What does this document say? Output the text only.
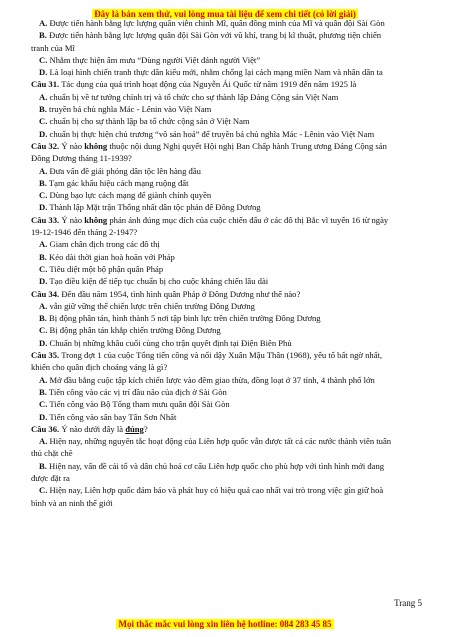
Đây là bản xem thử, vui lòng mua tài liệu để xem chi tiết (có lời giải)
A. Được tiến hành bằng lực lượng quân viễn chinh Mĩ, quân đồng minh của Mĩ và quân đội Sài Gòn
B. Được tiến hành bằng lực lượng quân đội Sài Gòn với vũ khí, trang bị kĩ thuật, phương tiện chiến
tranh của Mĩ
C. Nhằm thực hiện âm mưu “Dùng người Việt đánh người Việt”
D. Là loại hình chiến tranh thực dân kiểu mới, nhằm chống lại cách mạng miền Nam và nhân dân ta
Câu 31. Tác dụng của quá trình hoạt động của Nguyễn Ái Quốc từ năm 1919 đến năm 1925 là
A. chuẩn bị về tư tưởng chính trị và tổ chức cho sự thành lập Đảng Cộng sản Việt Nam
B. truyền bá chủ nghĩa Mác - Lênin vào Việt Nam
C. chuẩn bị cho sự thành lập ba tổ chức cộng sản ở Việt Nam
D. chuẩn bị thực hiện chủ trương “vô sản hoá” để truyền bá chủ nghĩa Mác - Lênin vào Việt Nam
Câu 32. Ý nào không thuộc nội dung Nghị quyết Hội nghị Ban Chấp hành Trung ương Đảng Cộng sản
Đông Dương tháng 11-1939?
A. Đưa vấn đề giải phóng dân tộc lên hàng đầu
B. Tạm gác khẩu hiệu cách mạng ruộng đất
C. Dùng bạo lực cách mạng để giành chính quyền
D. Thành lập Mặt trận Thống nhất dân tộc phản đế Đông Dương
Câu 33. Ý nào không phản ánh đúng mục đích của cuộc chiến đấu ở các đô thị Bắc vĩ tuyến 16 từ ngày
19-12-1946 đến tháng 2-1947?
A. Giam chân địch trong các đô thị
B. Kéo dài thời gian hoà hoãn với Pháp
C. Tiêu diệt một bộ phận quân Pháp
D. Tạo điều kiện để tiếp tục chuẩn bị cho cuộc kháng chiến lâu dài
Câu 34. Đến đầu năm 1954, tình hình quân Pháp ở Đông Dương như thế nào?
A. vẫn giữ vững thế chiến lược trên chiến trường Đông Dương
B. Bị động phân tán, hình thành 5 nơi tập binh lực trên chiến trường Đông Dương
C. Bị động phân tán khắp chiến trường Đông Dương
D. Chuẩn bị những khâu cuối cùng cho trận quyết định tại Điện Biên Phủ
Câu 35. Trong đợt 1 của cuộc Tổng tiến công và nổi dậy Xuân Mậu Thân (1968), yếu tố bất ngờ nhất,
khiến cho quân địch choáng váng là gì?
A. Mở đầu bằng cuộc tập kích chiến lược vào đêm giao thừa, đồng loạt ở 37 tỉnh, 4 thành phố lớn
B. Tiến công vào các vị trí đầu não của địch ở Sài Gòn
C. Tiến công vào Bộ Tổng tham mưu quân đội Sài Gòn
D. Tiến công vào sân bay Tân Sơn Nhất
Câu 36. Ý nào dưới đây là đúng?
A. Hiện nay, những nguyên tắc hoạt động của Liên hợp quốc vẫn được tất cả các nước thành viên tuân
thủ chặt chẽ
B. Hiện nay, vấn đề cải tổ và dân chủ hoá cơ cấu Liên hợp quốc cho phù hợp với tình hình mới đang
được đặt ra
C. Hiện nay, Liên hợp quốc đảm bảo và phát huy có hiệu quả cao nhất vai trò trong việc gìn giữ hoà
bình và an ninh thế giới
Trang 5
Mọi thắc mắc vui lòng xin liên hệ hotline: 084 283 45 85
